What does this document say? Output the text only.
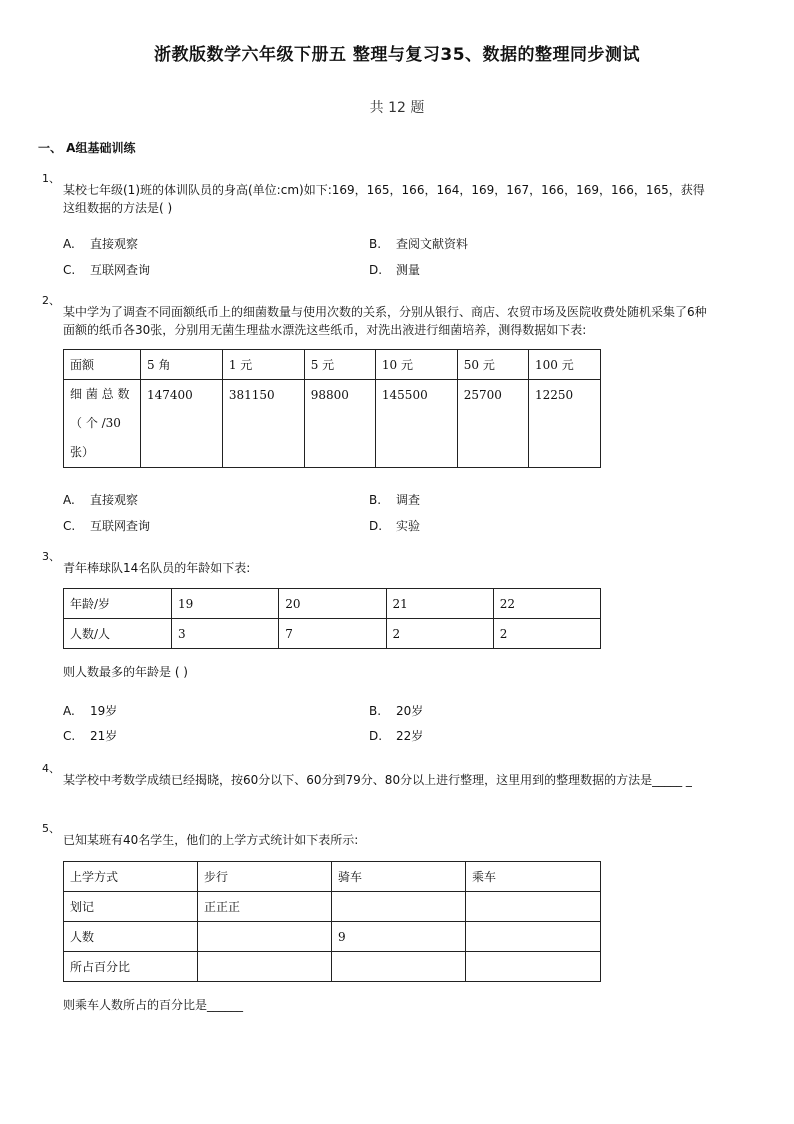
浙教版数学六年级下册五 整理与复习35、数据的整理同步测试
共 12 题
一、 A组基础训练
1、
某校七年级(1)班的体训队员的身高(单位:cm)如下:169，165，166，164，169，167，166，169，166，165，获得这组数据的方法是( )
A. 直接观察	B. 查阅文献资料
C. 互联网查询	D. 测量
2、
某中学为了调查不同面额纸币上的细菌数量与使用次数的关系，分别从银行、商店、农贸市场及医院收费处随机采集了6种面额的纸币各30张，分别用无菌生理盐水漂洗这些纸币，对洗出液进行细菌培养，测得数据如下表:
面额	5 角	1 元	5 元	10 元	50 元	100 元

细 菌 总 数
（ 个 /30
张）	147400	381150	98800	145500	25700	12250
A. 直接观察	B. 调查
C. 互联网查询	D. 实验
3、
青年棒球队14名队员的年龄如下表:
年龄/岁	19	20	21	22
人数/人	3	7	2	2
则人数最多的年龄是 ( )
A. 19岁	B. 20岁
C. 21岁	D. 22岁
4、
某学校中考数学成绩已经揭晓，按60分以下、60分到79分、80分以上进行整理，这里用到的整理数据的方法是_____ _
5、
已知某班有40名学生，他们的上学方式统计如下表所示:
上学方式	步行	骑车	乘车
划记	正正正		
人数		9	
所占百分比			
则乘车人数所占的百分比是______
